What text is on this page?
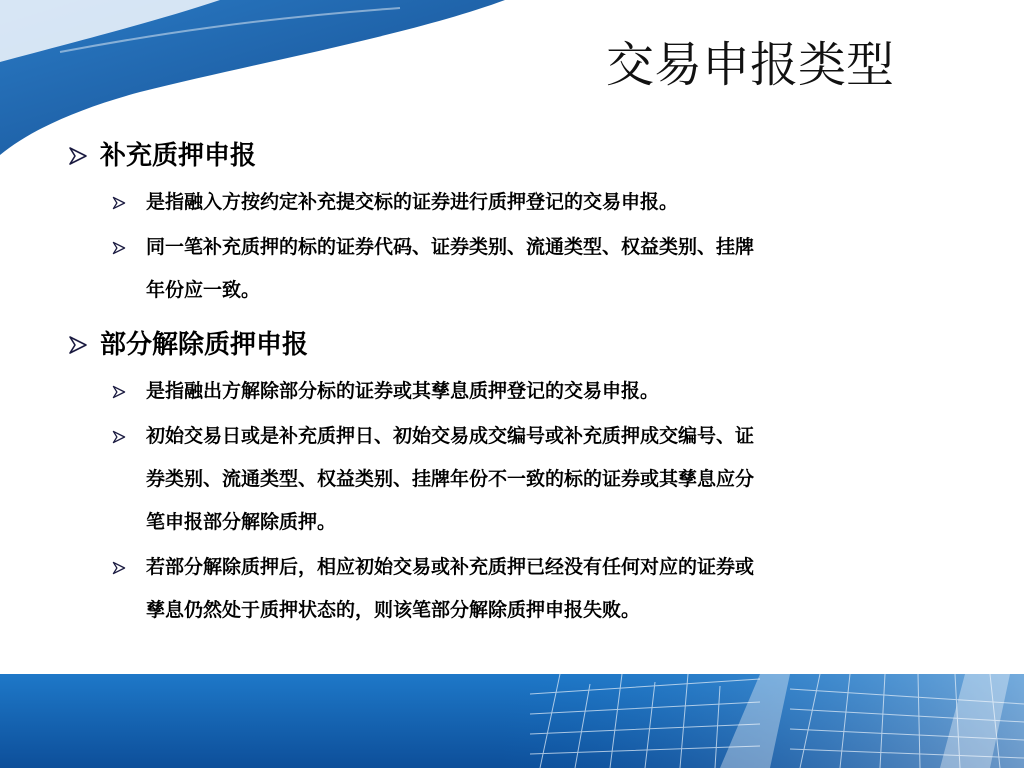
交易申报类型
补充质押申报

是指融入方按约定补充提交标的证券进行质押登记的交易申报。

同一笔补充质押的标的证券代码、证券类别、流通类型、权益类别、挂牌

年份应一致。

部分解除质押申报

是指融出方解除部分标的证券或其孳息质押登记的交易申报。

初始交易日或是补充质押日、初始交易成交编号或补充质押成交编号、证

券类别、流通类型、权益类别、挂牌年份不一致的标的证券或其孳息应分

笔申报部分解除质押。

若部分解除质押后，相应初始交易或补充质押已经没有任何对应的证券或

孳息仍然处于质押状态的，则该笔部分解除质押申报失败。
